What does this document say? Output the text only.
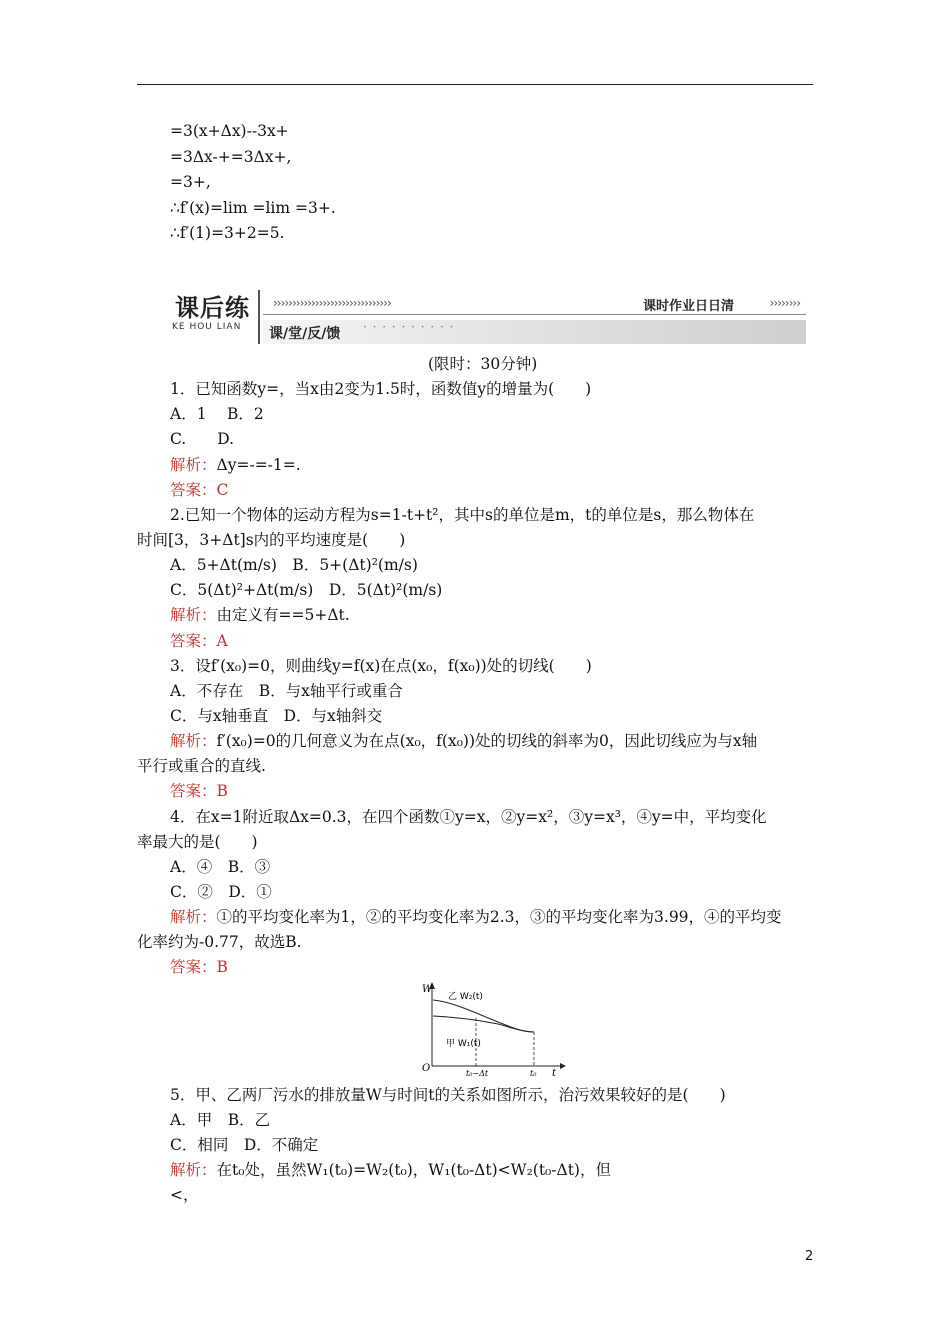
=3(x+Δx)--3x+
=3Δx-+=3Δx+,
=3+,
∴f′(x)=lim =lim =3+.
∴f′(1)=3+2=5.
课后练
KE HOU LIAN
›››››››››››››››››››››››››››››››	课时作业日日清	››››››››
课/堂/反/馈 · · · · · · · · · ·
(限时：30分钟)
1．已知函数y=，当x由2变为1.5时，函数值y的增量为(　　)
A．1　 B．2
C.　　D.
解析：Δy=-=-1=.
答案：C
2.已知一个物体的运动方程为s=1-t+t²，其中s的单位是m，t的单位是s，那么物体在
时间[3，3+Δt]s内的平均速度是(　　)
A．5+Δt(m/s)　B．5+(Δt)²(m/s)
C．5(Δt)²+Δt(m/s)　D．5(Δt)²(m/s)
解析：由定义有==5+Δt.
答案：A
3．设f′(x₀)=0，则曲线y=f(x)在点(x₀，f(x₀))处的切线(　　)
A．不存在　B．与x轴平行或重合
C．与x轴垂直　D．与x轴斜交
解析：f′(x₀)=0的几何意义为在点(x₀，f(x₀))处的切线的斜率为0，因此切线应为与x轴
平行或重合的直线.
答案：B
4．在x=1附近取Δx=0.3，在四个函数①y=x，②y=x²，③y=x³，④y=中，平均变化
率最大的是(　　)
A．④　B．③
C．②　D．①
解析：①的平均变化率为1，②的平均变化率为2.3，③的平均变化率为3.99，④的平均变
化率约为-0.77，故选B.
答案：B
W
O	t
乙 W₂(t)
甲 W₁(t)
t₀−Δt	t₀
5．甲、乙两厂污水的排放量W与时间t的关系如图所示，治污效果较好的是(　　)
A．甲　B．乙
C．相同　D．不确定
解析：在t₀处，虽然W₁(t₀)=W₂(t₀)，W₁(t₀-Δt)<W₂(t₀-Δt)，但
<，
2
